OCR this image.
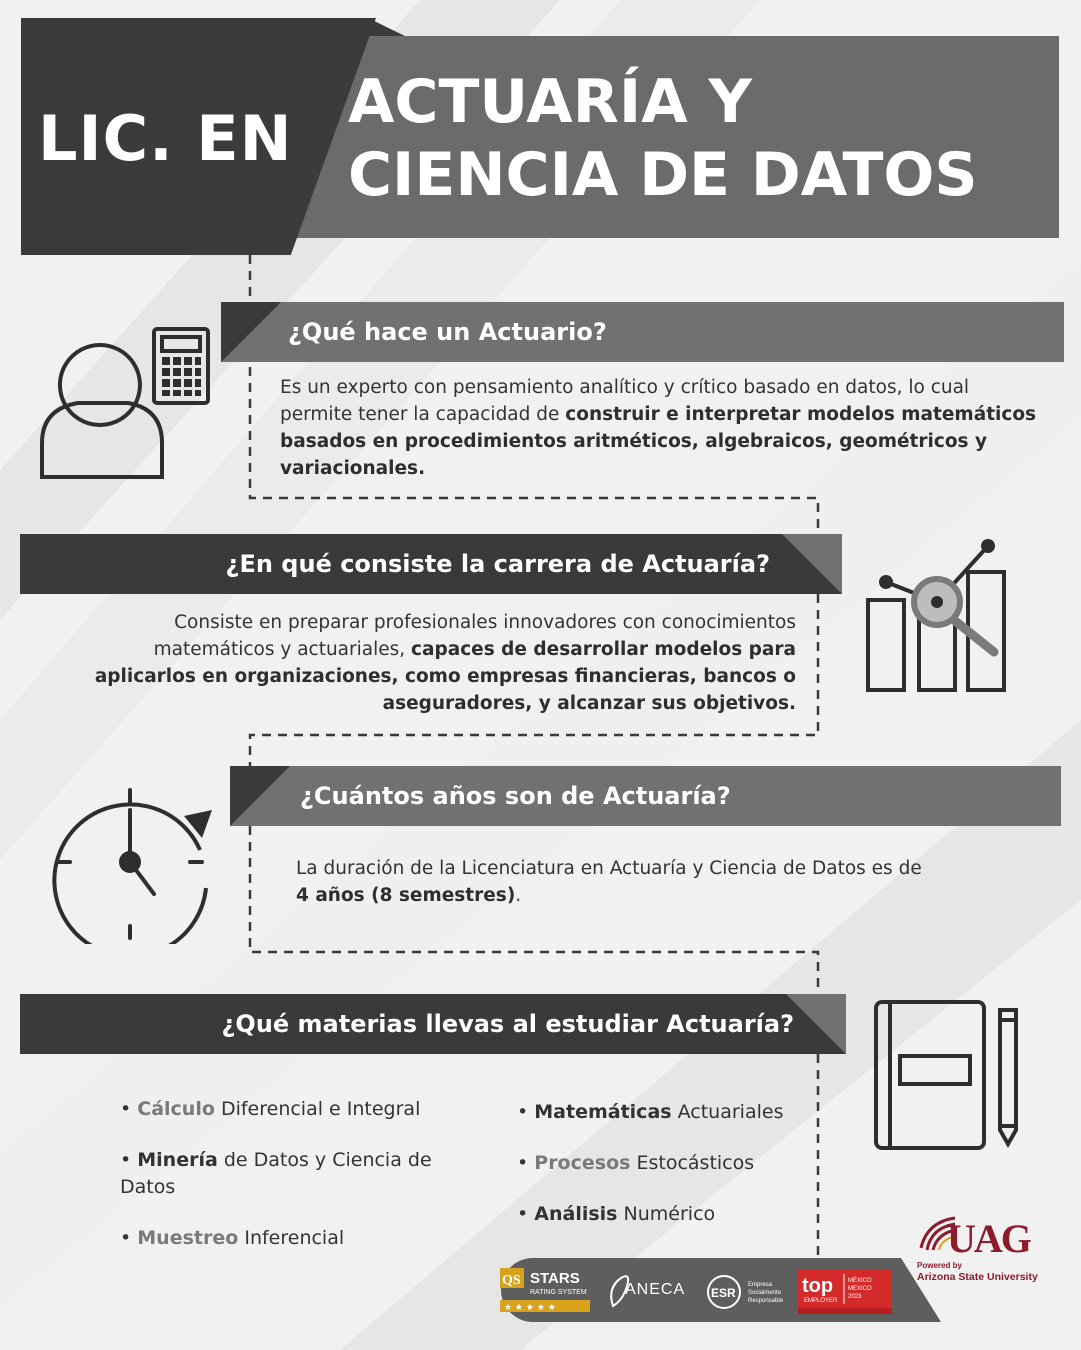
LIC. EN ACTUARÍA Y
CIENCIA DE DATOS
¿Qué hace un Actuario?
Es un experto con pensamiento analítico y crítico basado en datos, lo cual permite tener la capacidad de construir e interpretar modelos matemáticos basados en procedimientos aritméticos, algebraicos, geométricos y variacionales.
¿En qué consiste la carrera de Actuaría?
Consiste en preparar profesionales innovadores con conocimientos matemáticos y actuariales, capaces de desarrollar modelos para aplicarlos en organizaciones, como empresas financieras, bancos o aseguradores, y alcanzar sus objetivos.
¿Cuántos años son de Actuaría?
La duración de la Licenciatura en Actuaría y Ciencia de Datos es de
4 años (8 semestres).
¿Qué materias llevas al estudiar Actuaría?
• Cálculo Diferencial e Integral
• Minería de Datos y Ciencia de Datos
• Muestreo Inferencial
• Matemáticas Actuariales
• Procesos Estocásticos
• Análisis Numérico
QS STARS
RATING SYSTEM
★ ★ ★ ★ ★
ANECA ESR
Empresa
Socialmente
Responsable
top
EMPLOYER
MÉXICO
MEXICO
2023
UAG
Powered by
Arizona State University
